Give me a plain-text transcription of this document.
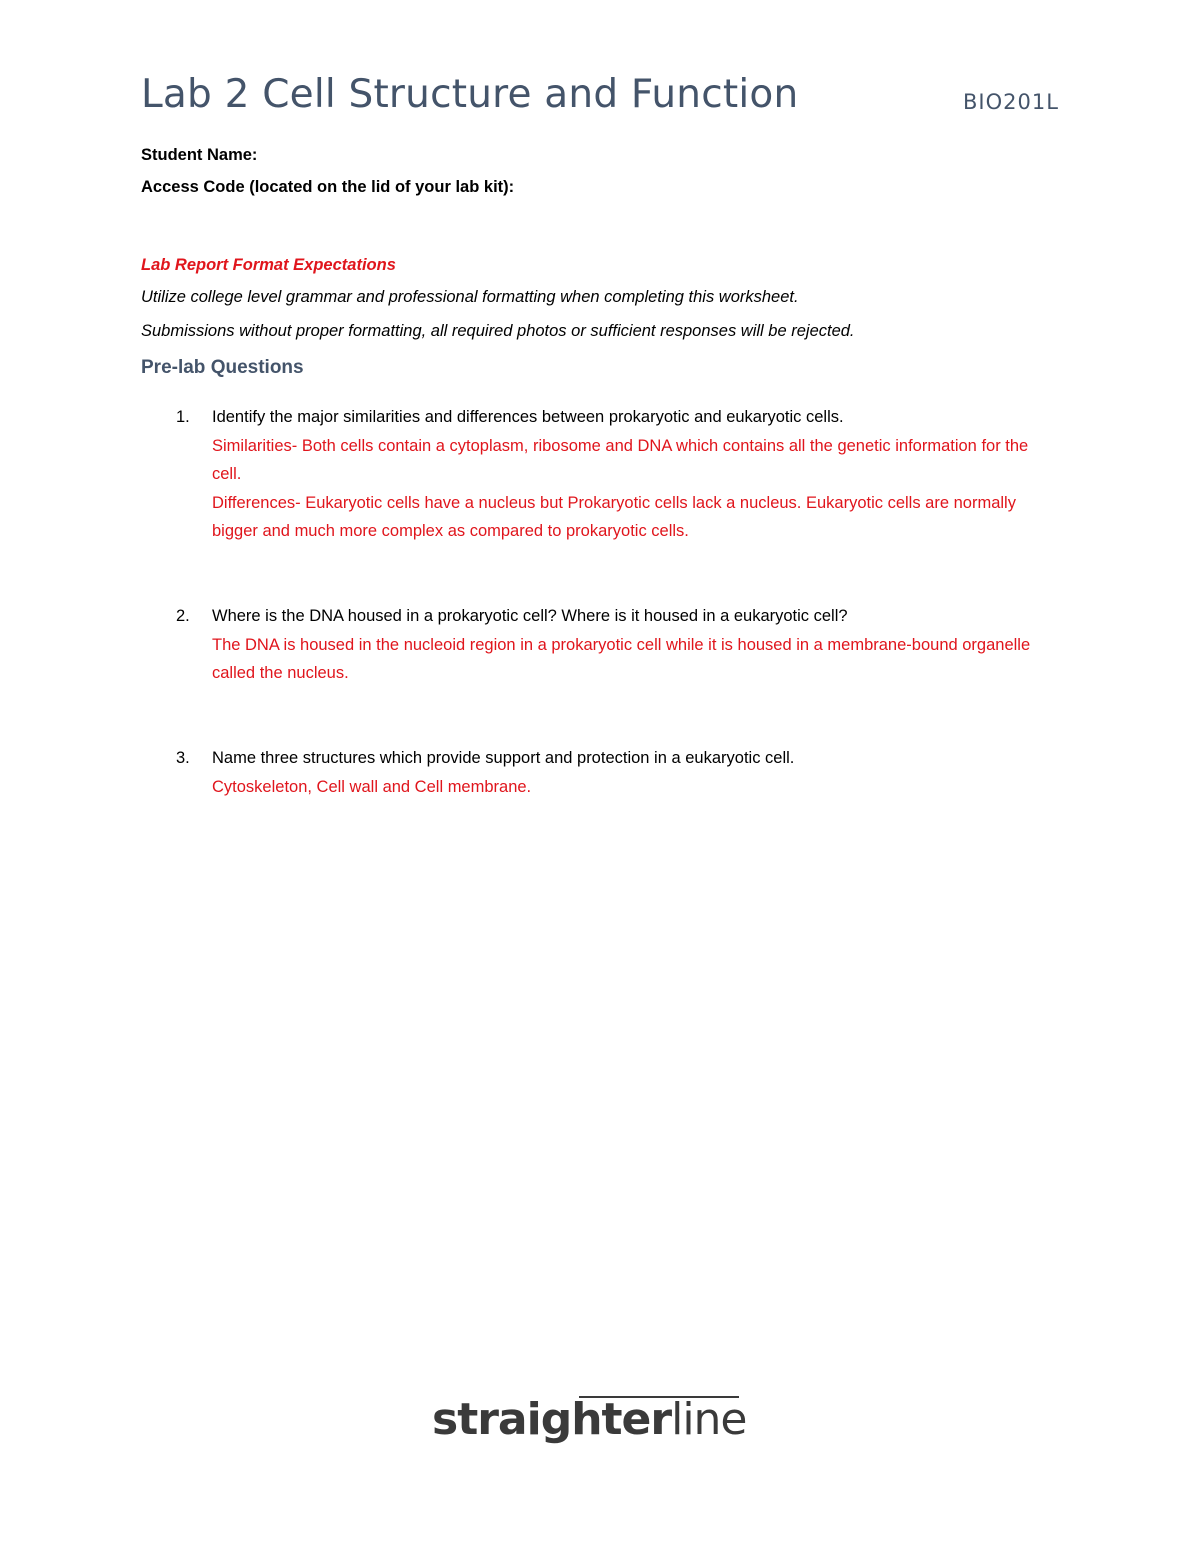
Lab 2 Cell Structure and Function	BIO201L
Student Name:
Access Code (located on the lid of your lab kit):
Lab Report Format Expectations
Utilize college level grammar and professional formatting when completing this worksheet.
Submissions without proper formatting, all required photos or sufficient responses will be rejected.
Pre-lab Questions
1. Identify the major similarities and differences between prokaryotic and eukaryotic cells.
Similarities- Both cells contain a cytoplasm, ribosome and DNA which contains all the genetic information for the cell.
Differences- Eukaryotic cells have a nucleus but Prokaryotic cells lack a nucleus. Eukaryotic cells are normally bigger and much more complex as compared to prokaryotic cells.
2. Where is the DNA housed in a prokaryotic cell? Where is it housed in a eukaryotic cell?
The DNA is housed in the nucleoid region in a prokaryotic cell while it is housed in a membrane-bound organelle called the nucleus.
3. Name three structures which provide support and protection in a eukaryotic cell.
Cytoskeleton, Cell wall and Cell membrane.
straighterline
